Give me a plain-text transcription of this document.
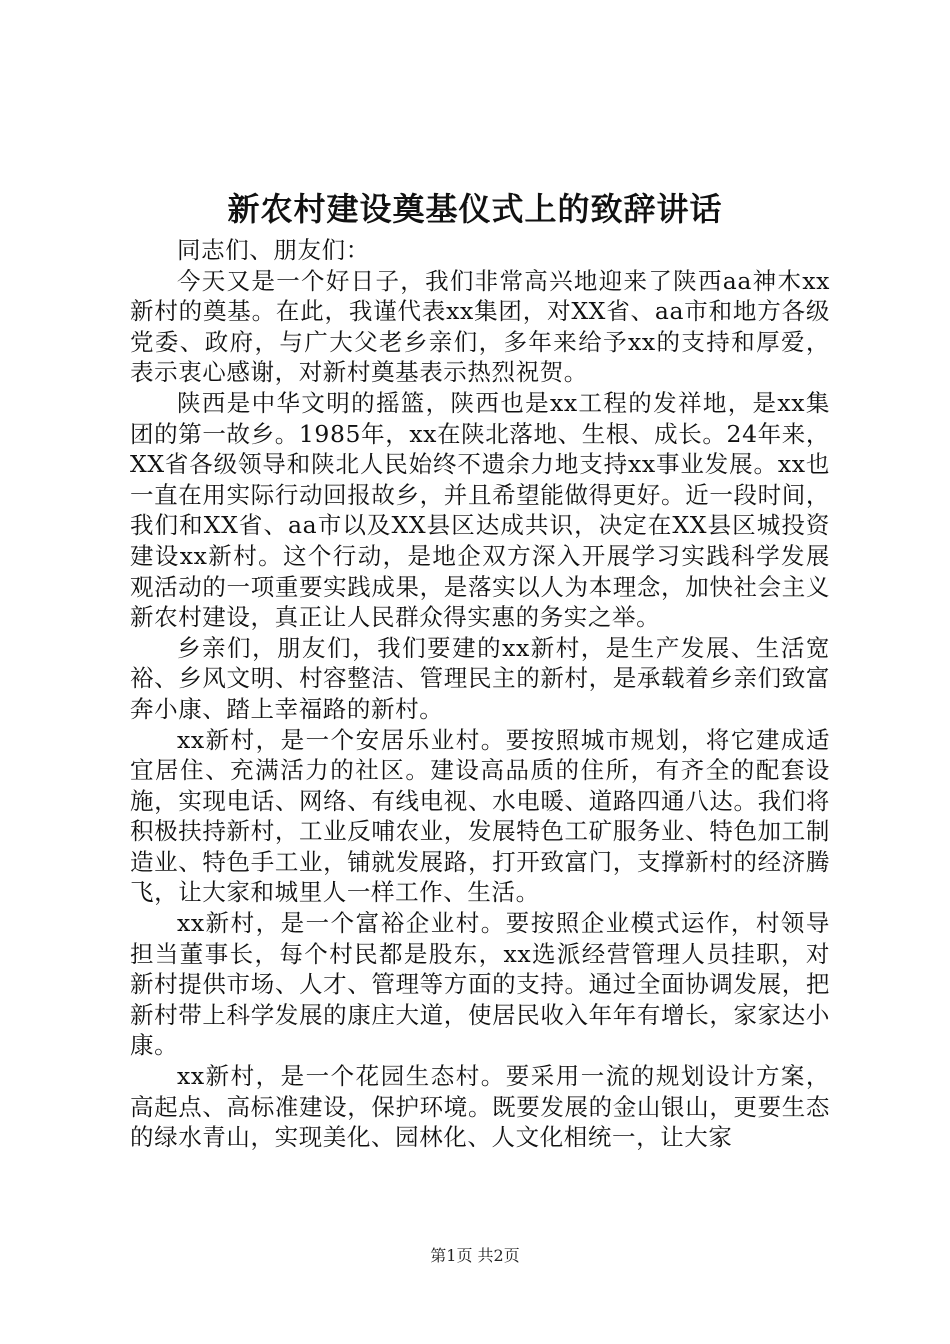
新农村建设奠基仪式上的致辞讲话

同志们、朋友们：

今天又是一个好日子，我们非常高兴地迎来了陕西aa神木xx新村的奠基。在此，我谨代表xx集团，对XX省、aa市和地方各级党委、政府，与广大父老乡亲们，多年来给予xx的支持和厚爱，表示衷心感谢，对新村奠基表示热烈祝贺。

陕西是中华文明的摇篮，陕西也是xx工程的发祥地，是xx集团的第一故乡。1985年，xx在陕北落地、生根、成长。24年来，XX省各级领导和陕北人民始终不遗余力地支持xx事业发展。xx也一直在用实际行动回报故乡，并且希望能做得更好。近一段时间，我们和XX省、aa市以及XX县区达成共识，决定在XX县区城投资建设xx新村。这个行动，是地企双方深入开展学习实践科学发展观活动的一项重要实践成果，是落实以人为本理念，加快社会主义新农村建设，真正让人民群众得实惠的务实之举。

乡亲们，朋友们，我们要建的xx新村，是生产发展、生活宽裕、乡风文明、村容整洁、管理民主的新村，是承载着乡亲们致富奔小康、踏上幸福路的新村。

xx新村，是一个安居乐业村。要按照城市规划，将它建成适宜居住、充满活力的社区。建设高品质的住所，有齐全的配套设施，实现电话、网络、有线电视、水电暖、道路四通八达。我们将积极扶持新村，工业反哺农业，发展特色工矿服务业、特色加工制造业、特色手工业，铺就发展路，打开致富门，支撑新村的经济腾飞，让大家和城里人一样工作、生活。

xx新村，是一个富裕企业村。要按照企业模式运作，村领导担当董事长，每个村民都是股东，xx选派经营管理人员挂职，对新村提供市场、人才、管理等方面的支持。通过全面协调发展，把新村带上科学发展的康庄大道，使居民收入年年有增长，家家达小康。

xx新村，是一个花园生态村。要采用一流的规划设计方案，高起点、高标准建设，保护环境。既要发展的金山银山，更要生态的绿水青山，实现美化、园林化、人文化相统一，让大家

第1页 共2页
